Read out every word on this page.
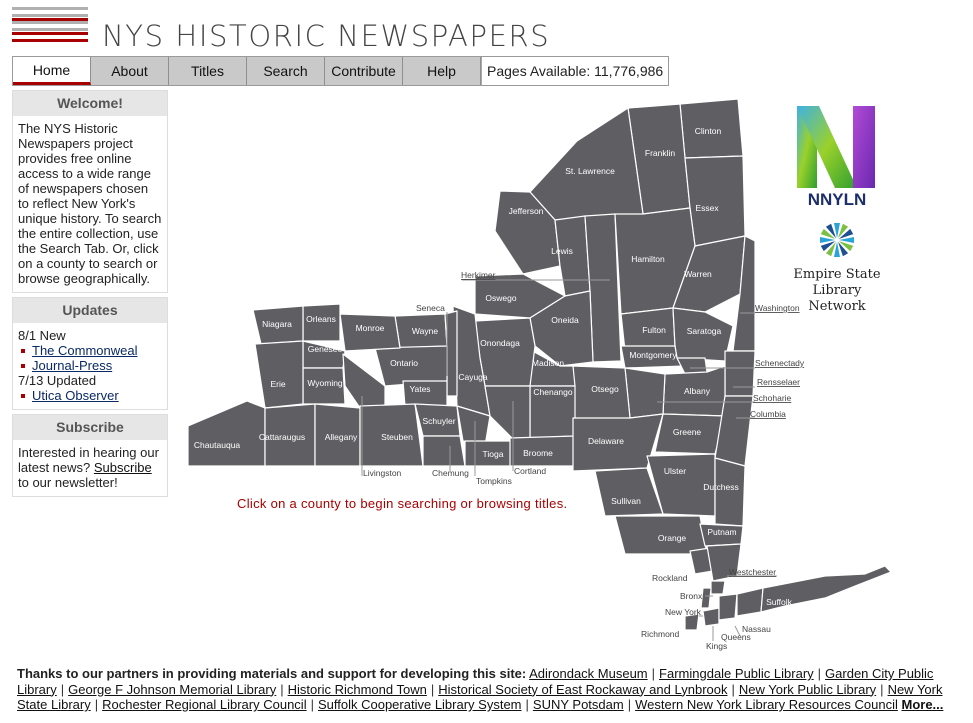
NYS HISTORIC NEWSPAPERS
Home	About	Titles	Search	Contribute	Help	Pages Available: 11,776,986
Welcome!

The NYS Historic Newspapers project provides free online access to a wide range of newspapers chosen to reflect New York's unique history. To search the entire collection, use the Search Tab. Or, click on a county to search or browse geographically.

Updates

8/1 New

The Commonweal

Journal-Press

7/13 Updated

Utica Observer

Subscribe

Interested in hearing our latest news? Subscribe to our newsletter!

Clinton
Franklin
St. Lawrence
Essex
Jefferson
Lewis
Hamilton
Warren
Oswego
Oneida
Fulton Saratoga
Montgomery
Niagara Orleans
Monroe	Wayne
Genesee
Ontario
Onondaga
Madison
Erie	Wyoming
Yates
Cayuga
Chenango Otsego	Albany
Schuyler
Chautauqua
Cattaraugus Allegany	Steuben
Tioga Broome
Delaware
Greene
Ulster
Dutchess
Sullivan
Orange
Putnam
Suffolk
Herkimer
Seneca	Washington
Schenectady
Rensselaer
Schoharie
Columbia
Livingston	Chemung
Tompkins
Cortland
Westchester
Rockland
Bronx
New York
Richmond
Kings
Queens
Nassau
Click on a county to begin searching or browsing titles.
NNYLN
Empire State
Library Network
Thanks to our partners in providing materials and support for developing this site: Adirondack Museum | Farmingdale Public Library | Garden City Public Library | George F Johnson Memorial Library | Historic Richmond Town | Historical Society of East Rockaway and Lynbrook | New York Public Library | New York State Library | Rochester Regional Library Council | Suffolk Cooperative Library System | SUNY Potsdam | Western New York Library Resources Council More...
